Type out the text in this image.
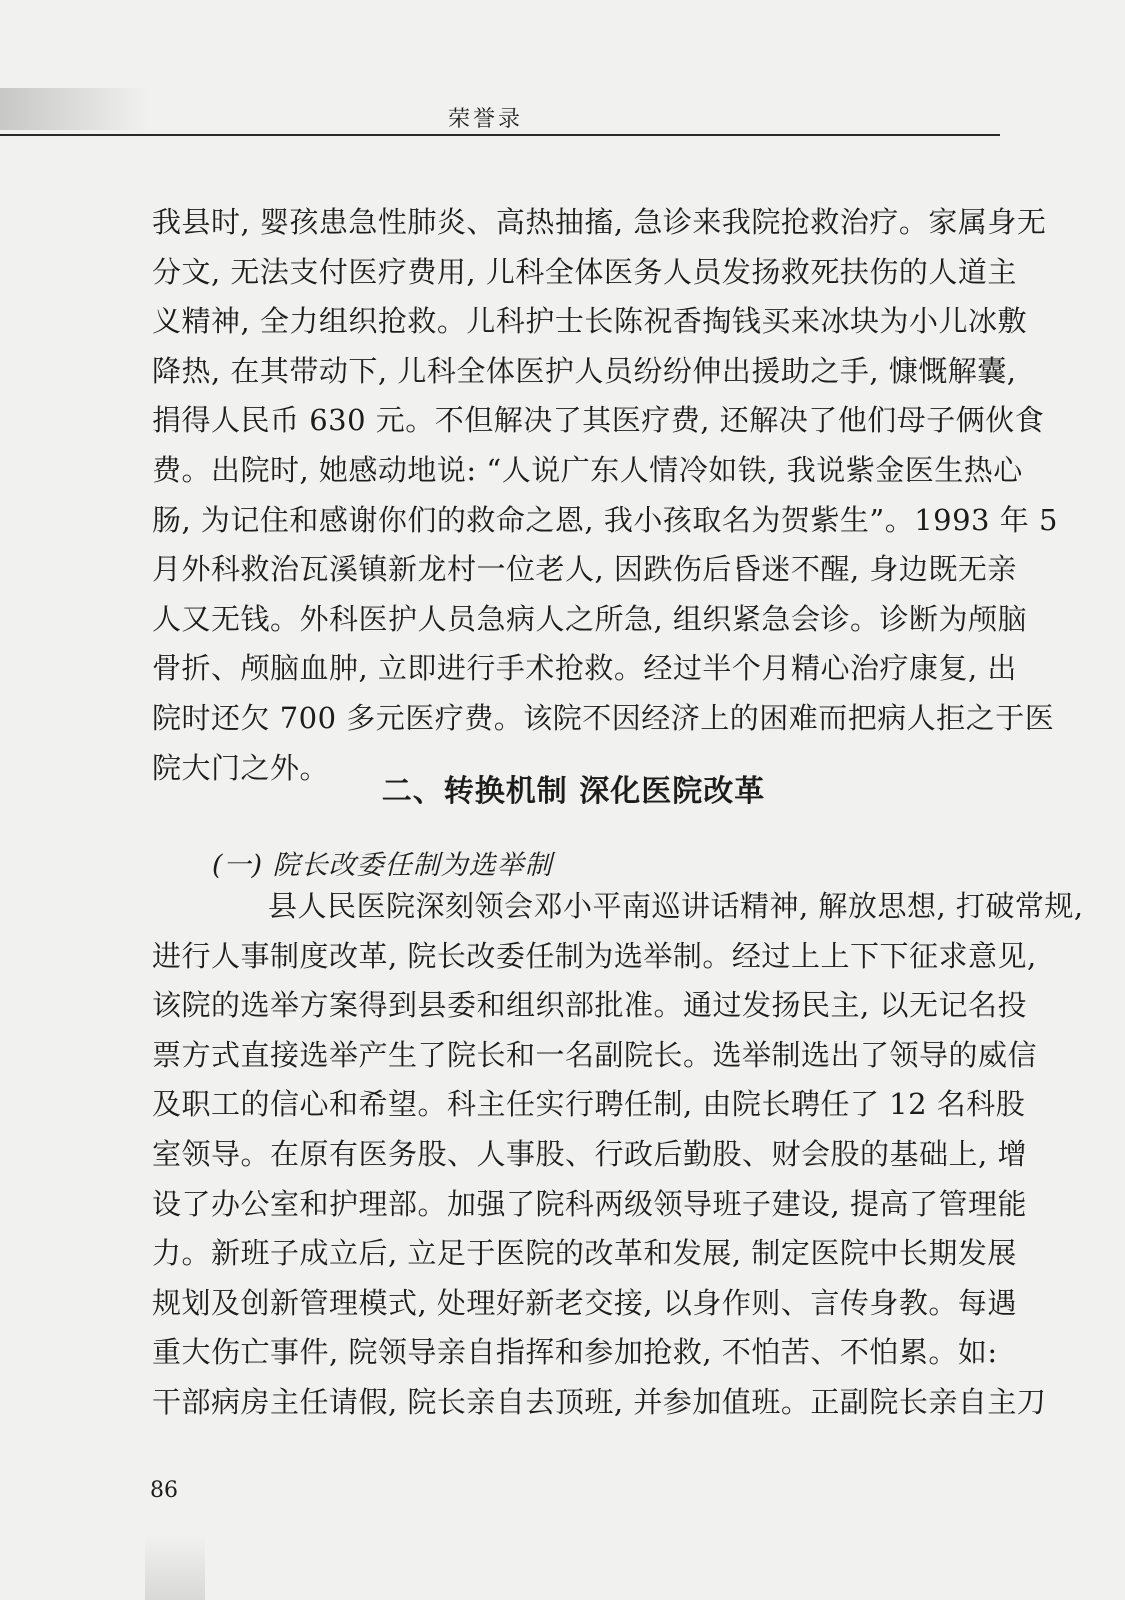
荣誉录
我县时, 婴孩患急性肺炎、高热抽搐, 急诊来我院抢救治疗。家属身无
分文, 无法支付医疗费用, 儿科全体医务人员发扬救死扶伤的人道主
义精神, 全力组织抢救。儿科护士长陈祝香掏钱买来冰块为小儿冰敷
降热, 在其带动下, 儿科全体医护人员纷纷伸出援助之手, 慷慨解囊,
捐得人民币 630 元。不但解决了其医疗费, 还解决了他们母子俩伙食
费。出院时, 她感动地说: “人说广东人情冷如铁, 我说紫金医生热心
肠, 为记住和感谢你们的救命之恩, 我小孩取名为贺紫生”。1993 年 5
月外科救治瓦溪镇新龙村一位老人, 因跌伤后昏迷不醒, 身边既无亲
人又无钱。外科医护人员急病人之所急, 组织紧急会诊。诊断为颅脑
骨折、颅脑血肿, 立即进行手术抢救。经过半个月精心治疗康复, 出
院时还欠 700 多元医疗费。该院不因经济上的困难而把病人拒之于医
院大门之外。
二、转换机制 深化医院改革
(一) 院长改委任制为选举制
县人民医院深刻领会邓小平南巡讲话精神, 解放思想, 打破常规,
进行人事制度改革, 院长改委任制为选举制。经过上上下下征求意见,
该院的选举方案得到县委和组织部批准。通过发扬民主, 以无记名投
票方式直接选举产生了院长和一名副院长。选举制选出了领导的威信
及职工的信心和希望。科主任实行聘任制, 由院长聘任了 12 名科股
室领导。在原有医务股、人事股、行政后勤股、财会股的基础上, 增
设了办公室和护理部。加强了院科两级领导班子建设, 提高了管理能
力。新班子成立后, 立足于医院的改革和发展, 制定医院中长期发展
规划及创新管理模式, 处理好新老交接, 以身作则、言传身教。每遇
重大伤亡事件, 院领导亲自指挥和参加抢救, 不怕苦、不怕累。如:
干部病房主任请假, 院长亲自去顶班, 并参加值班。正副院长亲自主刀
86
